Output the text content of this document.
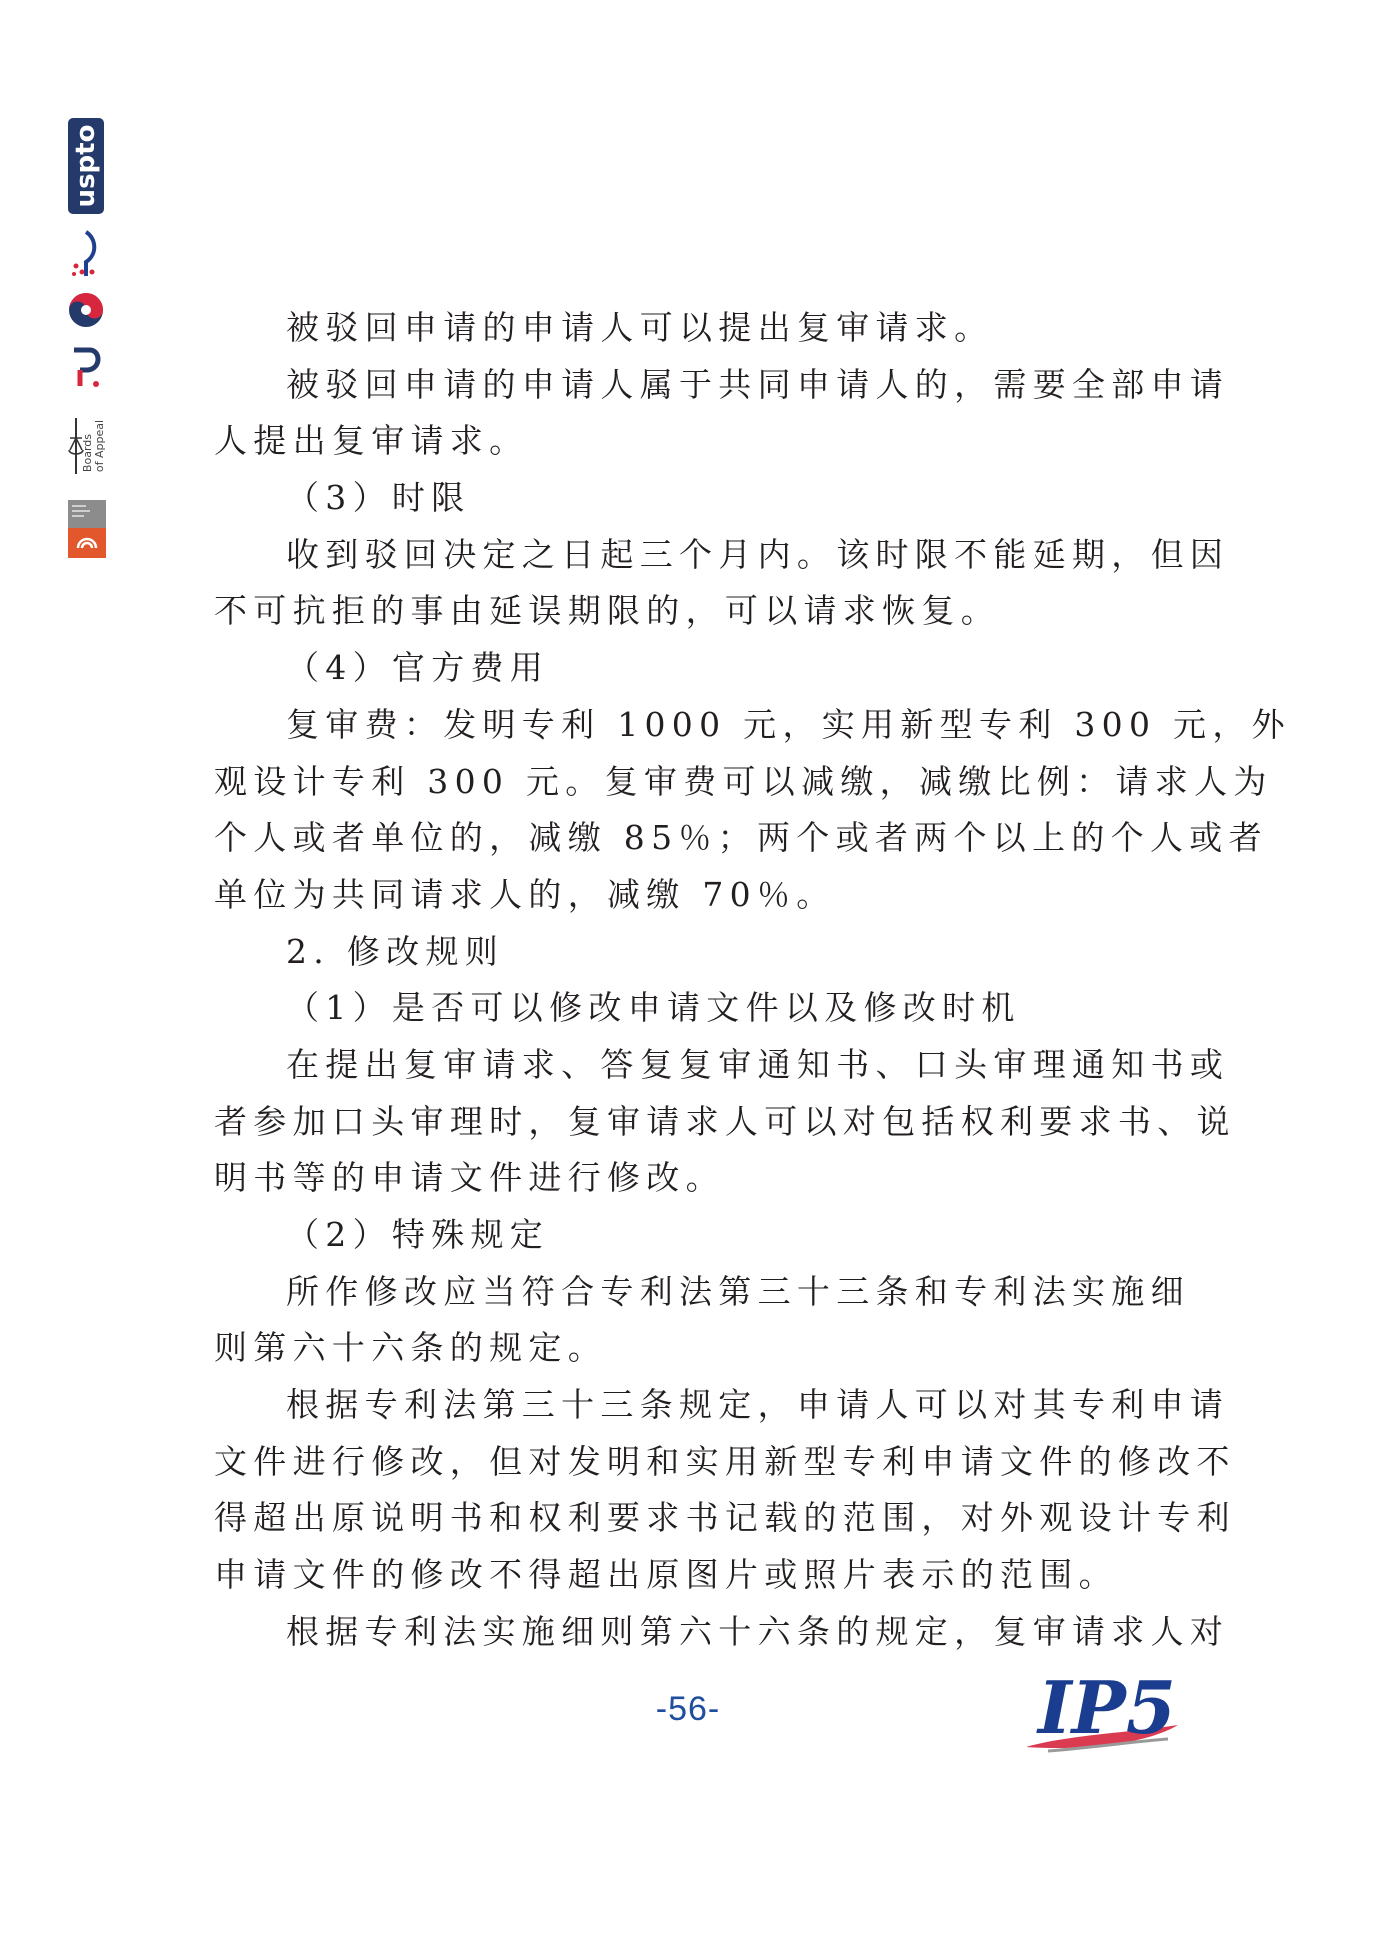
uspto
Boards of Appeal
被驳回申请的申请人可以提出复审请求。
被驳回申请的申请人属于共同申请人的，需要全部申请
人提出复审请求。
（3）时限
收到驳回决定之日起三个月内。该时限不能延期，但因
不可抗拒的事由延误期限的，可以请求恢复。
（4）官方费用
复审费：发明专利 1000 元，实用新型专利 300 元，外
观设计专利 300 元。复审费可以减缴，减缴比例：请求人为
个人或者单位的，减缴 85％；两个或者两个以上的个人或者
单位为共同请求人的，减缴 70％。
2. 修改规则
（1）是否可以修改申请文件以及修改时机
在提出复审请求、答复复审通知书、口头审理通知书或
者参加口头审理时，复审请求人可以对包括权利要求书、说
明书等的申请文件进行修改。
（2）特殊规定
所作修改应当符合专利法第三十三条和专利法实施细
则第六十六条的规定。
根据专利法第三十三条规定，申请人可以对其专利申请
文件进行修改，但对发明和实用新型专利申请文件的修改不
得超出原说明书和权利要求书记载的范围，对外观设计专利
申请文件的修改不得超出原图片或照片表示的范围。
根据专利法实施细则第六十六条的规定，复审请求人对
-56-	IP5
